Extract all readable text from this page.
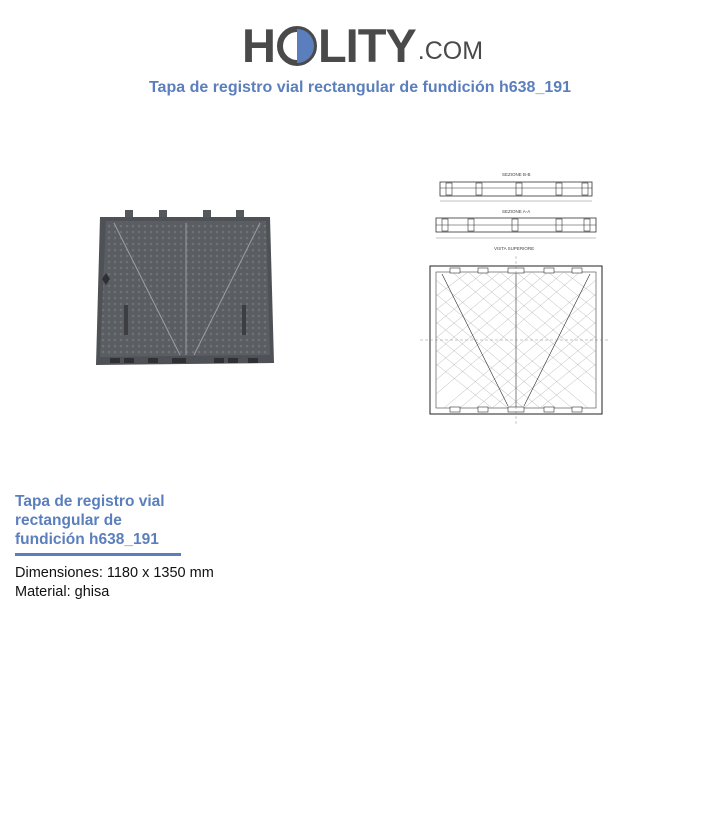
H LITY .COM
Tapa de registro vial rectangular de fundición h638_191
SEZIONE B-B
SEZIONE A-A
VISTA SUPERIORE
Tapa de registro vial rectangular de fundición h638_191
Dimensiones: 1180 x 1350 mm
Material: ghisa
